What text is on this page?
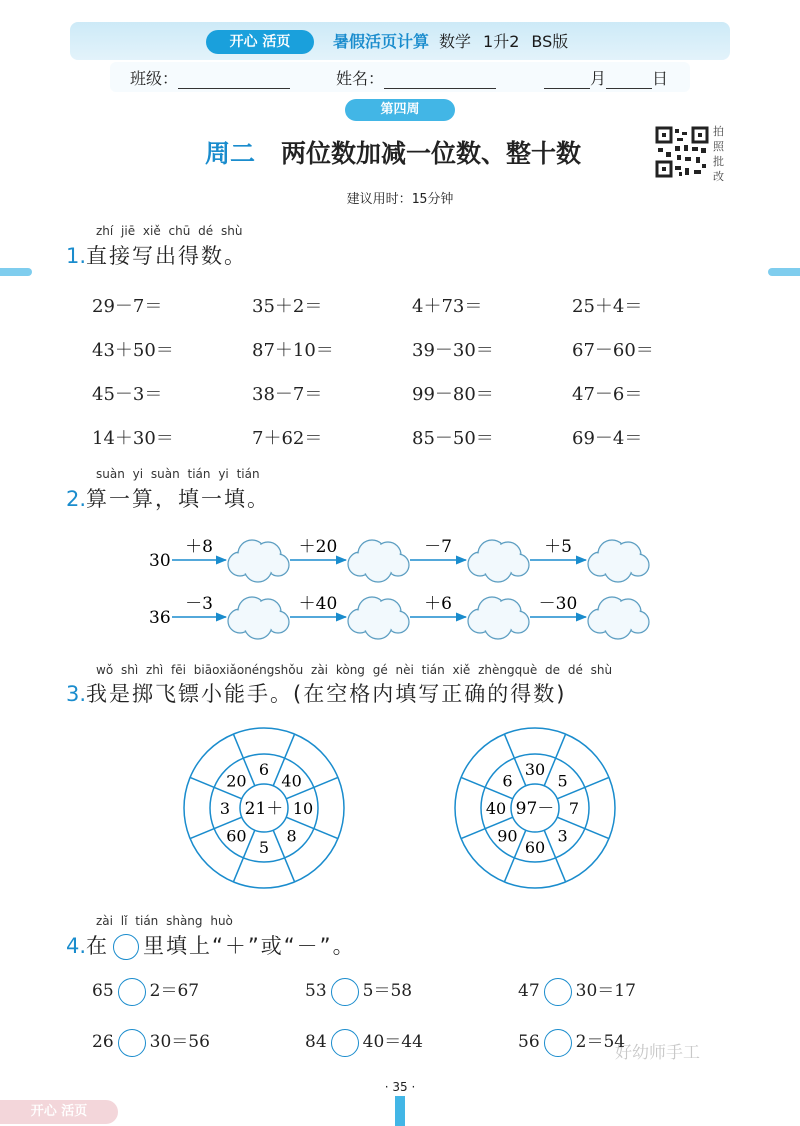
开心 活页	暑假活页计算 数学 1升2 BS版
班级：	姓名：	月	日
第四周
周二 两位数加减一位数、整十数
拍照批改
建议用时：15分钟
zhí jiē xiě chū dé shù
1.直接写出得数。
29－7＝	35＋2＝	4＋73＝	25＋4＝
43＋50＝	87＋10＝	39－30＝	67－60＝
45－3＝	38－7＝	99－80＝	47－6＝
14＋30＝	7＋62＝	85－50＝	69－4＝
suàn yi suàn tián yi tián
2.算一算，填一填。
30
＋8	＋20	－7	＋5
36
－3	＋40	＋6	－30
wǒ shì zhì fēi biāoxiǎonéngshǒu zài kòng gé nèi tián xiě zhèngquè de dé shù
3.我是掷飞镖小能手。(在空格内填写正确的得数)
6
40
10
8
5
60
3
20
21＋
30
5
7
3
60
90
40
6
97－
zài lǐ tián shàng huò
4.在 里填上“＋”或“－”。
65 2＝67	53 5＝58	47 30＝17
26 30＝56	84 40＝44	56 2＝54
好幼师手工
· 35 ·
开心 活页
